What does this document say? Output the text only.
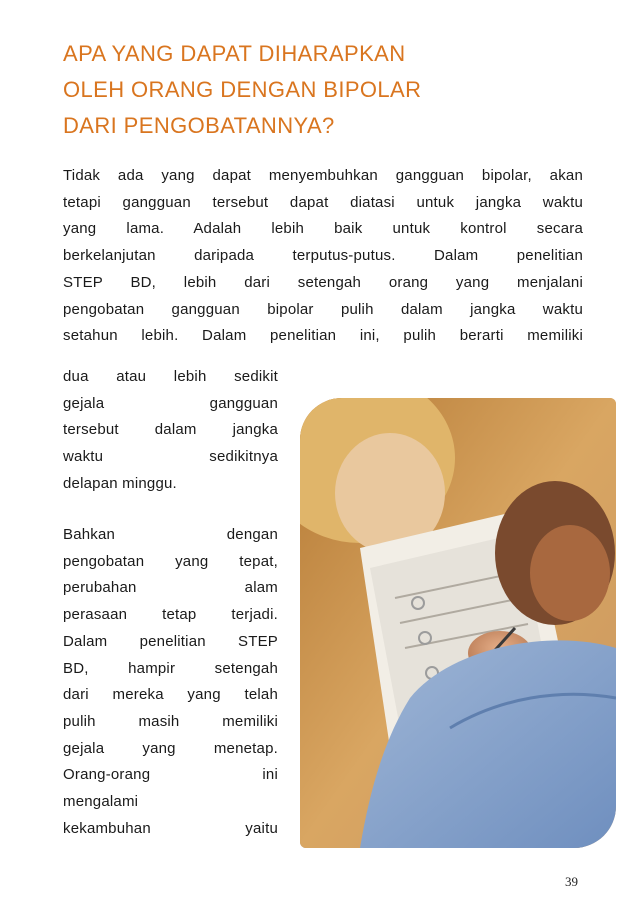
APA YANG DAPAT DIHARAPKAN
OLEH ORANG DENGAN BIPOLAR
DARI PENGOBATANNYA?
Tidak ada yang dapat menyembuhkan gangguan bipolar, akan
tetapi gangguan tersebut dapat diatasi untuk jangka waktu
yang lama. Adalah lebih baik untuk kontrol secara
berkelanjutan daripada terputus-putus. Dalam penelitian
STEP BD, lebih dari setengah orang yang menjalani
pengobatan gangguan bipolar pulih dalam jangka waktu
setahun lebih. Dalam penelitian ini, pulih berarti memiliki
dua atau lebih sedikit
gejala gangguan
tersebut dalam jangka
waktu sedikitnya
delapan minggu.
Bahkan dengan
pengobatan yang tepat,
perubahan alam
perasaan tetap terjadi.
Dalam penelitian STEP
BD, hampir setengah
dari mereka yang telah
pulih masih memiliki
gejala yang menetap.
Orang-orang ini
mengalami
kekambuhan yaitu
39
